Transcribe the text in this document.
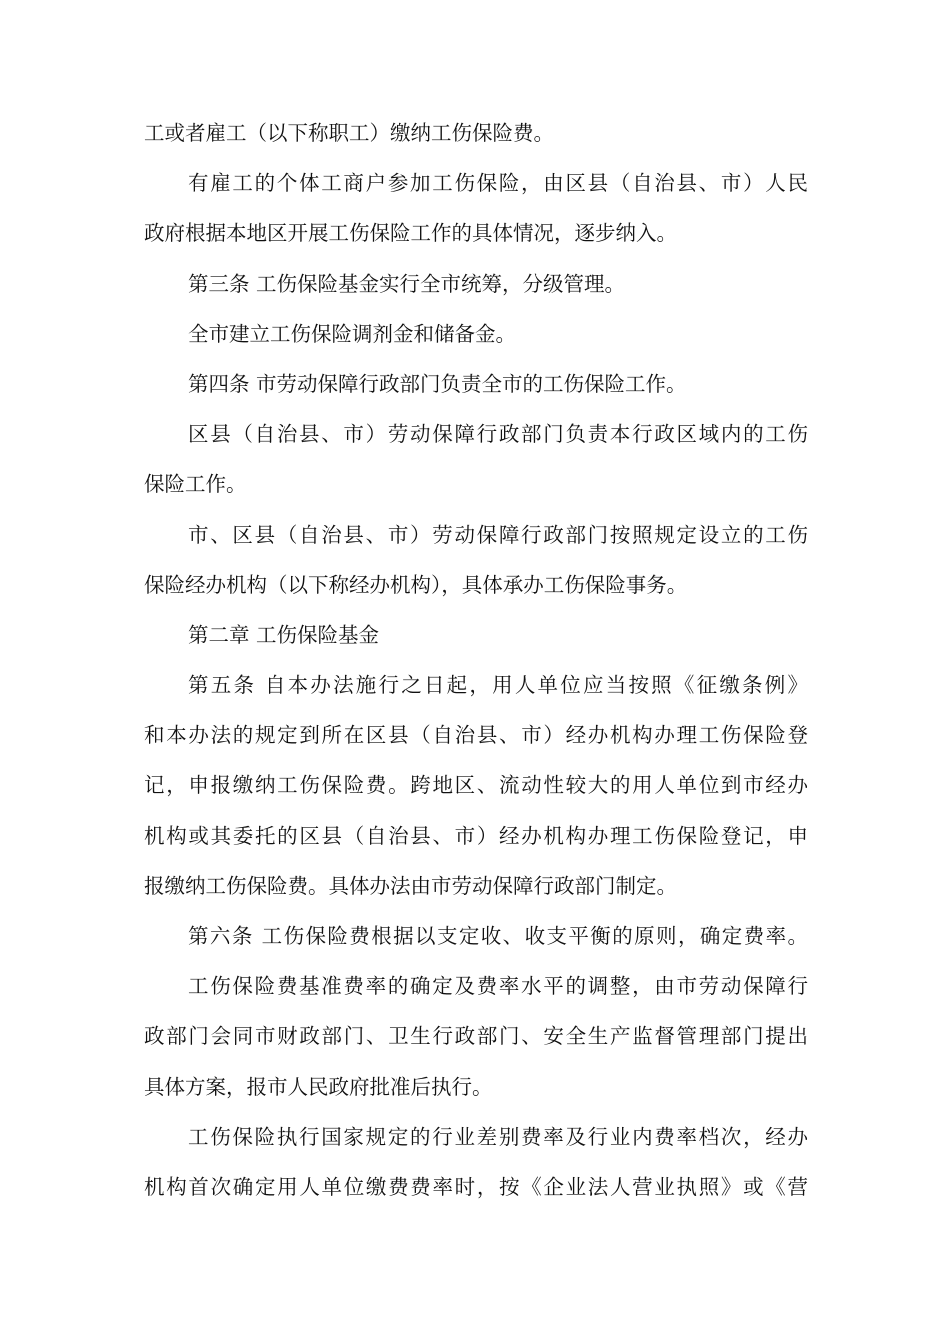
工或者雇工（以下称职工）缴纳工伤保险费。
有雇工的个体工商户参加工伤保险，由区县（自治县、市）人民
政府根据本地区开展工伤保险工作的具体情况，逐步纳入。
第三条 工伤保险基金实行全市统筹，分级管理。
全市建立工伤保险调剂金和储备金。
第四条 市劳动保障行政部门负责全市的工伤保险工作。
区县（自治县、市）劳动保障行政部门负责本行政区域内的工伤
保险工作。
市、区县（自治县、市）劳动保障行政部门按照规定设立的工伤
保险经办机构（以下称经办机构），具体承办工伤保险事务。
第二章 工伤保险基金
第五条 自本办法施行之日起，用人单位应当按照《征缴条例》
和本办法的规定到所在区县（自治县、市）经办机构办理工伤保险登
记，申报缴纳工伤保险费。跨地区、流动性较大的用人单位到市经办
机构或其委托的区县（自治县、市）经办机构办理工伤保险登记，申
报缴纳工伤保险费。具体办法由市劳动保障行政部门制定。
第六条 工伤保险费根据以支定收、收支平衡的原则，确定费率。
工伤保险费基准费率的确定及费率水平的调整，由市劳动保障行
政部门会同市财政部门、卫生行政部门、安全生产监督管理部门提出
具体方案，报市人民政府批准后执行。
工伤保险执行国家规定的行业差别费率及行业内费率档次，经办
机构首次确定用人单位缴费费率时，按《企业法人营业执照》或《营
